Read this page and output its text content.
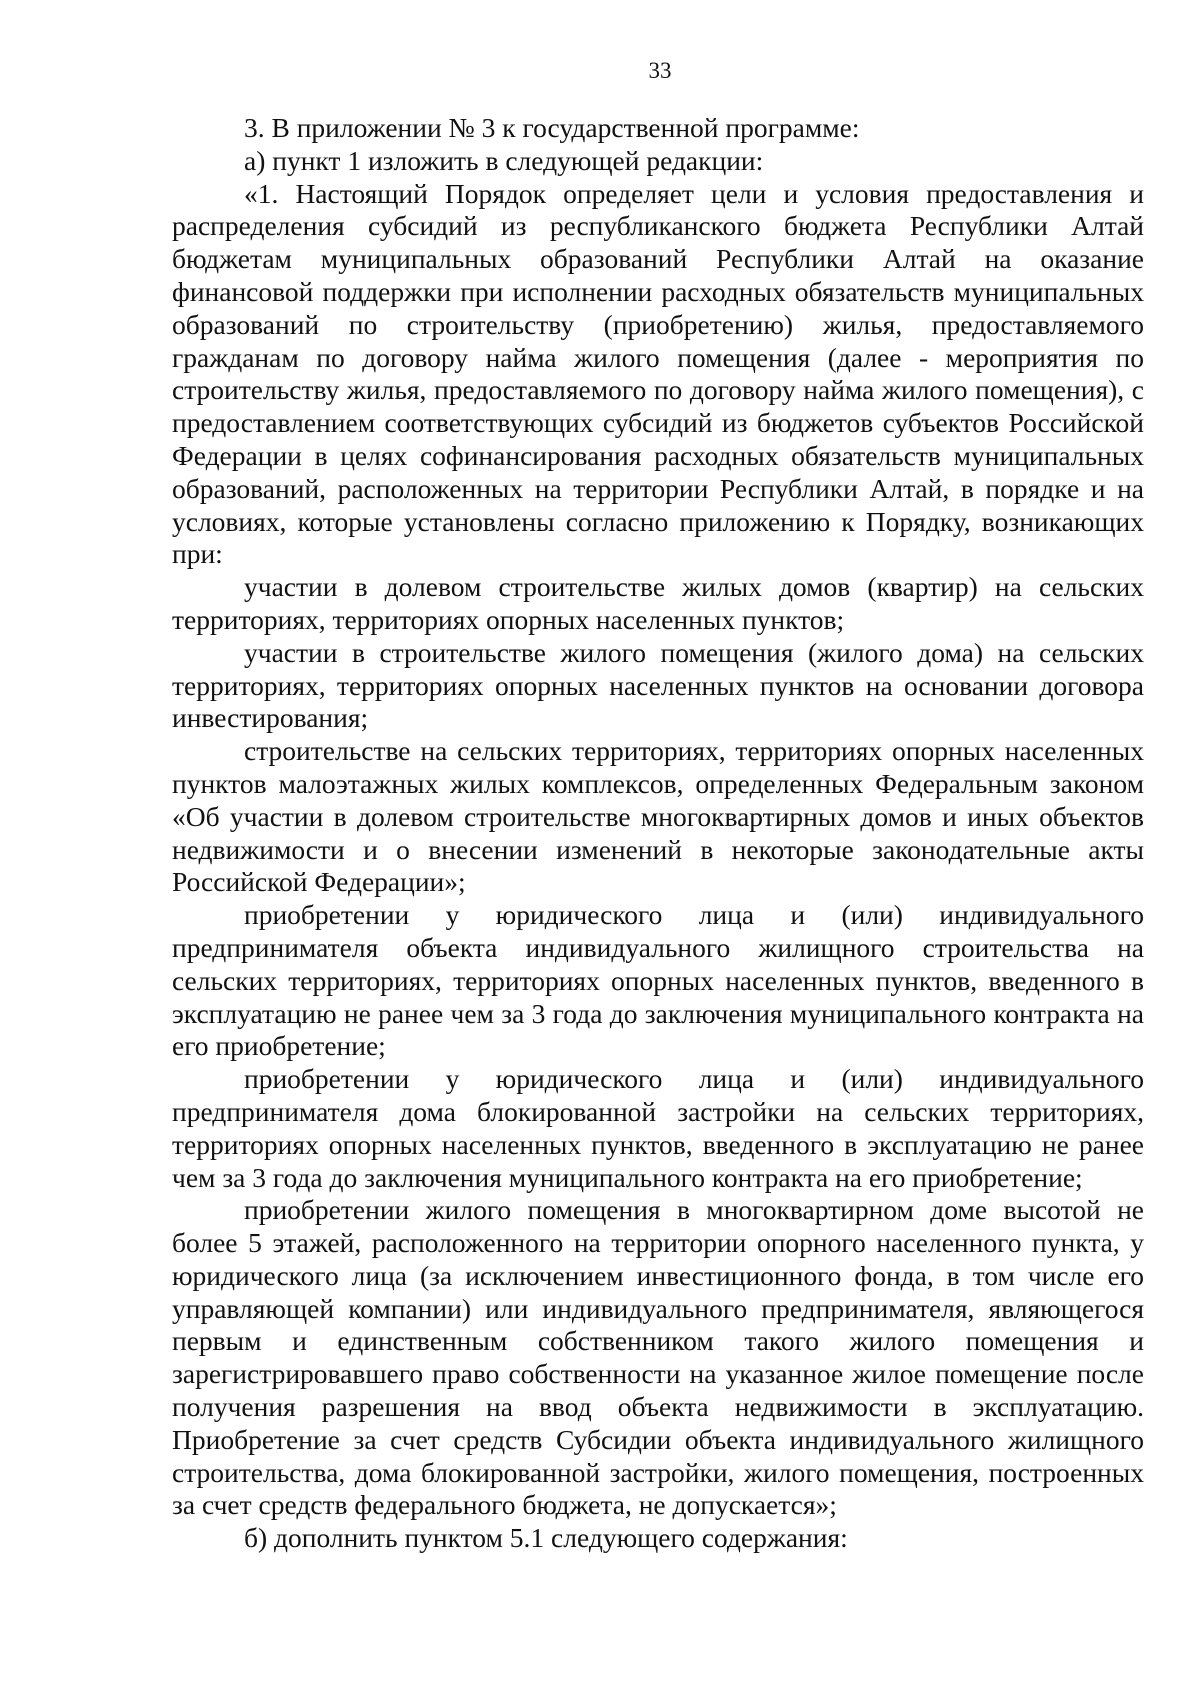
33

3. В приложении № 3 к государственной программе:

а) пункт 1 изложить в следующей редакции:

«1. Настоящий Порядок определяет цели и условия предоставления и распределения субсидий из республиканского бюджета Республики Алтай бюджетам муниципальных образований Республики Алтай на оказание финансовой поддержки при исполнении расходных обязательств муниципальных образований по строительству (приобретению) жилья, предоставляемого гражданам по договору найма жилого помещения (далее - мероприятия по строительству жилья, предоставляемого по договору найма жилого помещения), с предоставлением соответствующих субсидий из бюджетов субъектов Российской Федерации в целях софинансирования расходных обязательств муниципальных образований, расположенных на территории Республики Алтай, в порядке и на условиях, которые установлены согласно приложению к Порядку, возникающих при:

участии в долевом строительстве жилых домов (квартир) на сельских территориях, территориях опорных населенных пунктов;

участии в строительстве жилого помещения (жилого дома) на сельских территориях, территориях опорных населенных пунктов на основании договора инвестирования;

строительстве на сельских территориях, территориях опорных населенных пунктов малоэтажных жилых комплексов, определенных Федеральным законом «Об участии в долевом строительстве многоквартирных домов и иных объектов недвижимости и о внесении изменений в некоторые законодательные акты Российской Федерации»;

приобретении у юридического лица и (или) индивидуального предпринимателя объекта индивидуального жилищного строительства на сельских территориях, территориях опорных населенных пунктов, введенного в эксплуатацию не ранее чем за 3 года до заключения муниципального контракта на его приобретение;

приобретении у юридического лица и (или) индивидуального предпринимателя дома блокированной застройки на сельских территориях, территориях опорных населенных пунктов, введенного в эксплуатацию не ранее чем за 3 года до заключения муниципального контракта на его приобретение;

приобретении жилого помещения в многоквартирном доме высотой не более 5 этажей, расположенного на территории опорного населенного пункта, у юридического лица (за исключением инвестиционного фонда, в том числе его управляющей компании) или индивидуального предпринимателя, являющегося первым и единственным собственником такого жилого помещения и зарегистрировавшего право собственности на указанное жилое помещение после получения разрешения на ввод объекта недвижимости в эксплуатацию. Приобретение за счет средств Субсидии объекта индивидуального жилищного строительства, дома блокированной застройки, жилого помещения, построенных за счет средств федерального бюджета, не допускается»;

б) дополнить пунктом 5.1 следующего содержания:
